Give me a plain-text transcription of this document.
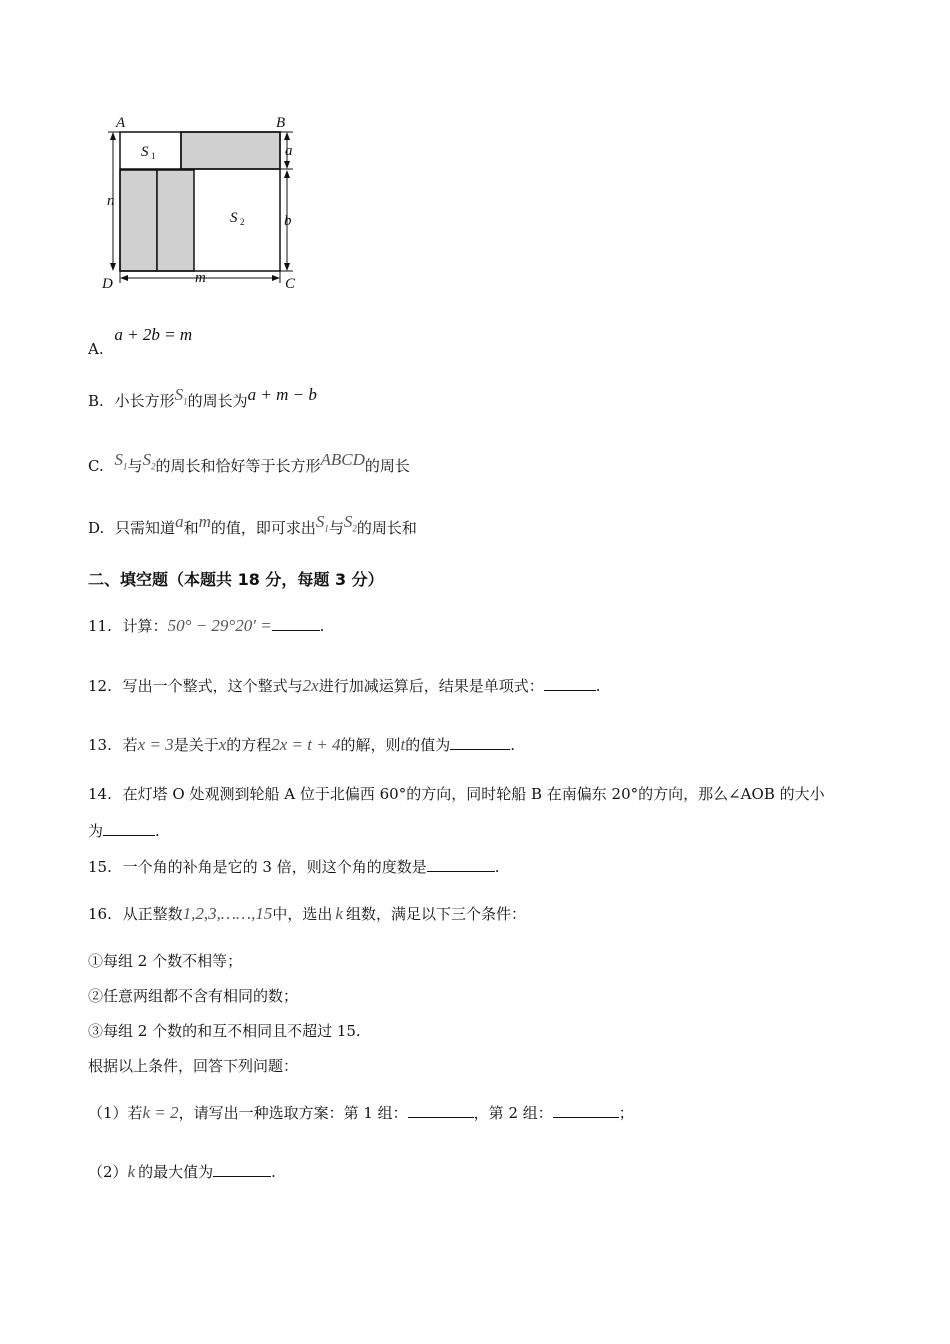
A	B
D	C
S 1
S 2
a
b
n
m
A. a + 2b = m
B. 小长方形$S_1$的周长为a + m − b
C. $S_1$与$S_2$的周长和恰好等于长方形ABCD的周长
D. 只需知道a和m的值，即可求出$S_1$与$S_2$的周长和
二、填空题（本题共 18 分，每题 3 分）
11. 计算：50° − 29°20′ =	.
12. 写出一个整式，这个整式与2x进行加减运算后，结果是单项式：	.
13. 若x = 3是关于x的方程2x = t + 4的解，则t的值为	.
14. 在灯塔 O 处观测到轮船 A 位于北偏西 60°的方向，同时轮船 B 在南偏东 20°的方向，那么∠AOB 的大小
为	.
15. 一个角的补角是它的 3 倍，则这个角的度数是	.
16. 从正整数1,2,3,……,15中，选出 k 组数，满足以下三个条件：
①每组 2 个数不相等；
②任意两组都不含有相同的数；
③每组 2 个数的和互不相同且不超过 15.
根据以上条件，回答下列问题：
（1）若k = 2，请写出一种选取方案：第 1 组：	，第 2 组：	；
（2）k 的最大值为	.
